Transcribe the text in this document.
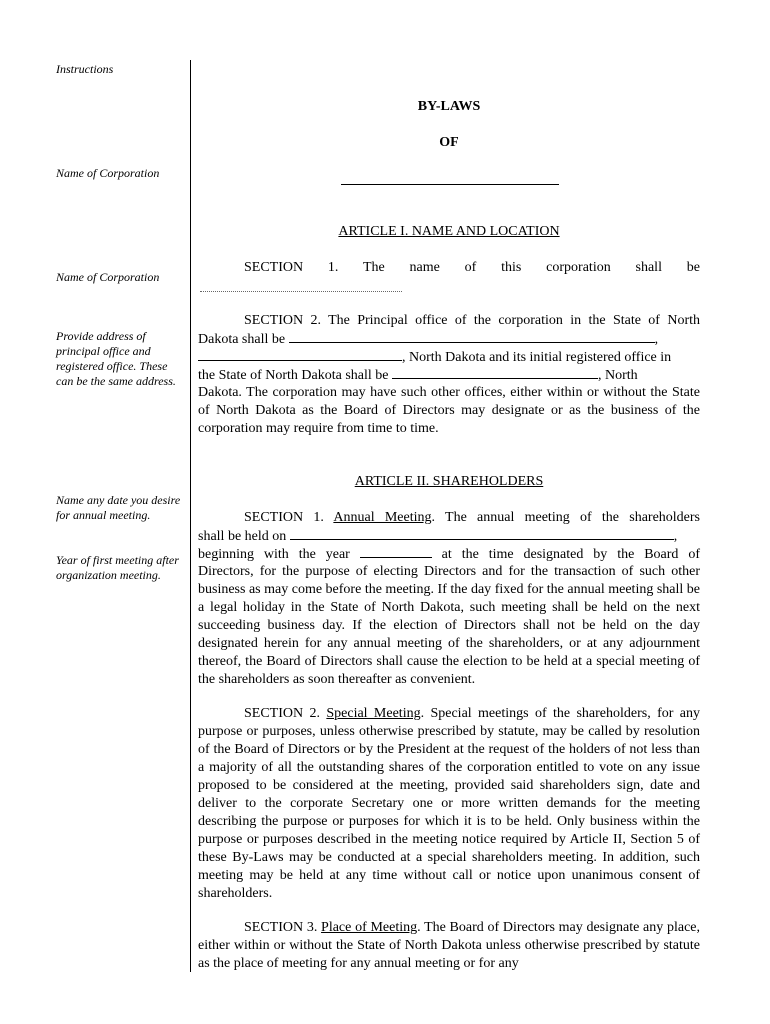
Instructions
Name of Corporation
Name of Corporation
Provide address of principal office and registered office. These can be the same address.
Name any date you desire for annual meeting.
Year of first meeting after organization meeting.
BY-LAWS
OF
ARTICLE I. NAME AND LOCATION
SECTION 1. The name of this corporation shall be
SECTION 2. The Principal office of the corporation in the State of North
Dakota shall be	,
, North Dakota and its initial registered office in
the State of North Dakota shall be	, North
Dakota. The corporation may have such other offices, either within or without the State of North Dakota as the Board of Directors may designate or as the business of the corporation may require from time to time.
ARTICLE II. SHAREHOLDERS
SECTION 1. Annual Meeting. The annual meeting of the shareholders
shall be held on	,
beginning with the year	at the time designated by the Board of
Directors, for the purpose of electing Directors and for the transaction of such other business as may come before the meeting. If the day fixed for the annual meeting shall be a legal holiday in the State of North Dakota, such meeting shall be held on the next succeeding business day. If the election of Directors shall not be held on the day designated herein for any annual meeting of the shareholders, or at any adjournment thereof, the Board of Directors shall cause the election to be held at a special meeting of the shareholders as soon thereafter as convenient.
SECTION 2. Special Meeting. Special meetings of the shareholders, for any purpose or purposes, unless otherwise prescribed by statute, may be called by resolution of the Board of Directors or by the President at the request of the holders of not less than a majority of all the outstanding shares of the corporation entitled to vote on any issue proposed to be considered at the meeting, provided said shareholders sign, date and deliver to the corporate Secretary one or more written demands for the meeting describing the purpose or purposes for which it is to be held. Only business within the purpose or purposes described in the meeting notice required by Article II, Section 5 of these By-Laws may be conducted at a special shareholders meeting. In addition, such meeting may be held at any time without call or notice upon unanimous consent of shareholders.
SECTION 3. Place of Meeting. The Board of Directors may designate any place, either within or without the State of North Dakota unless otherwise prescribed by statute as the place of meeting for any annual meeting or for any
